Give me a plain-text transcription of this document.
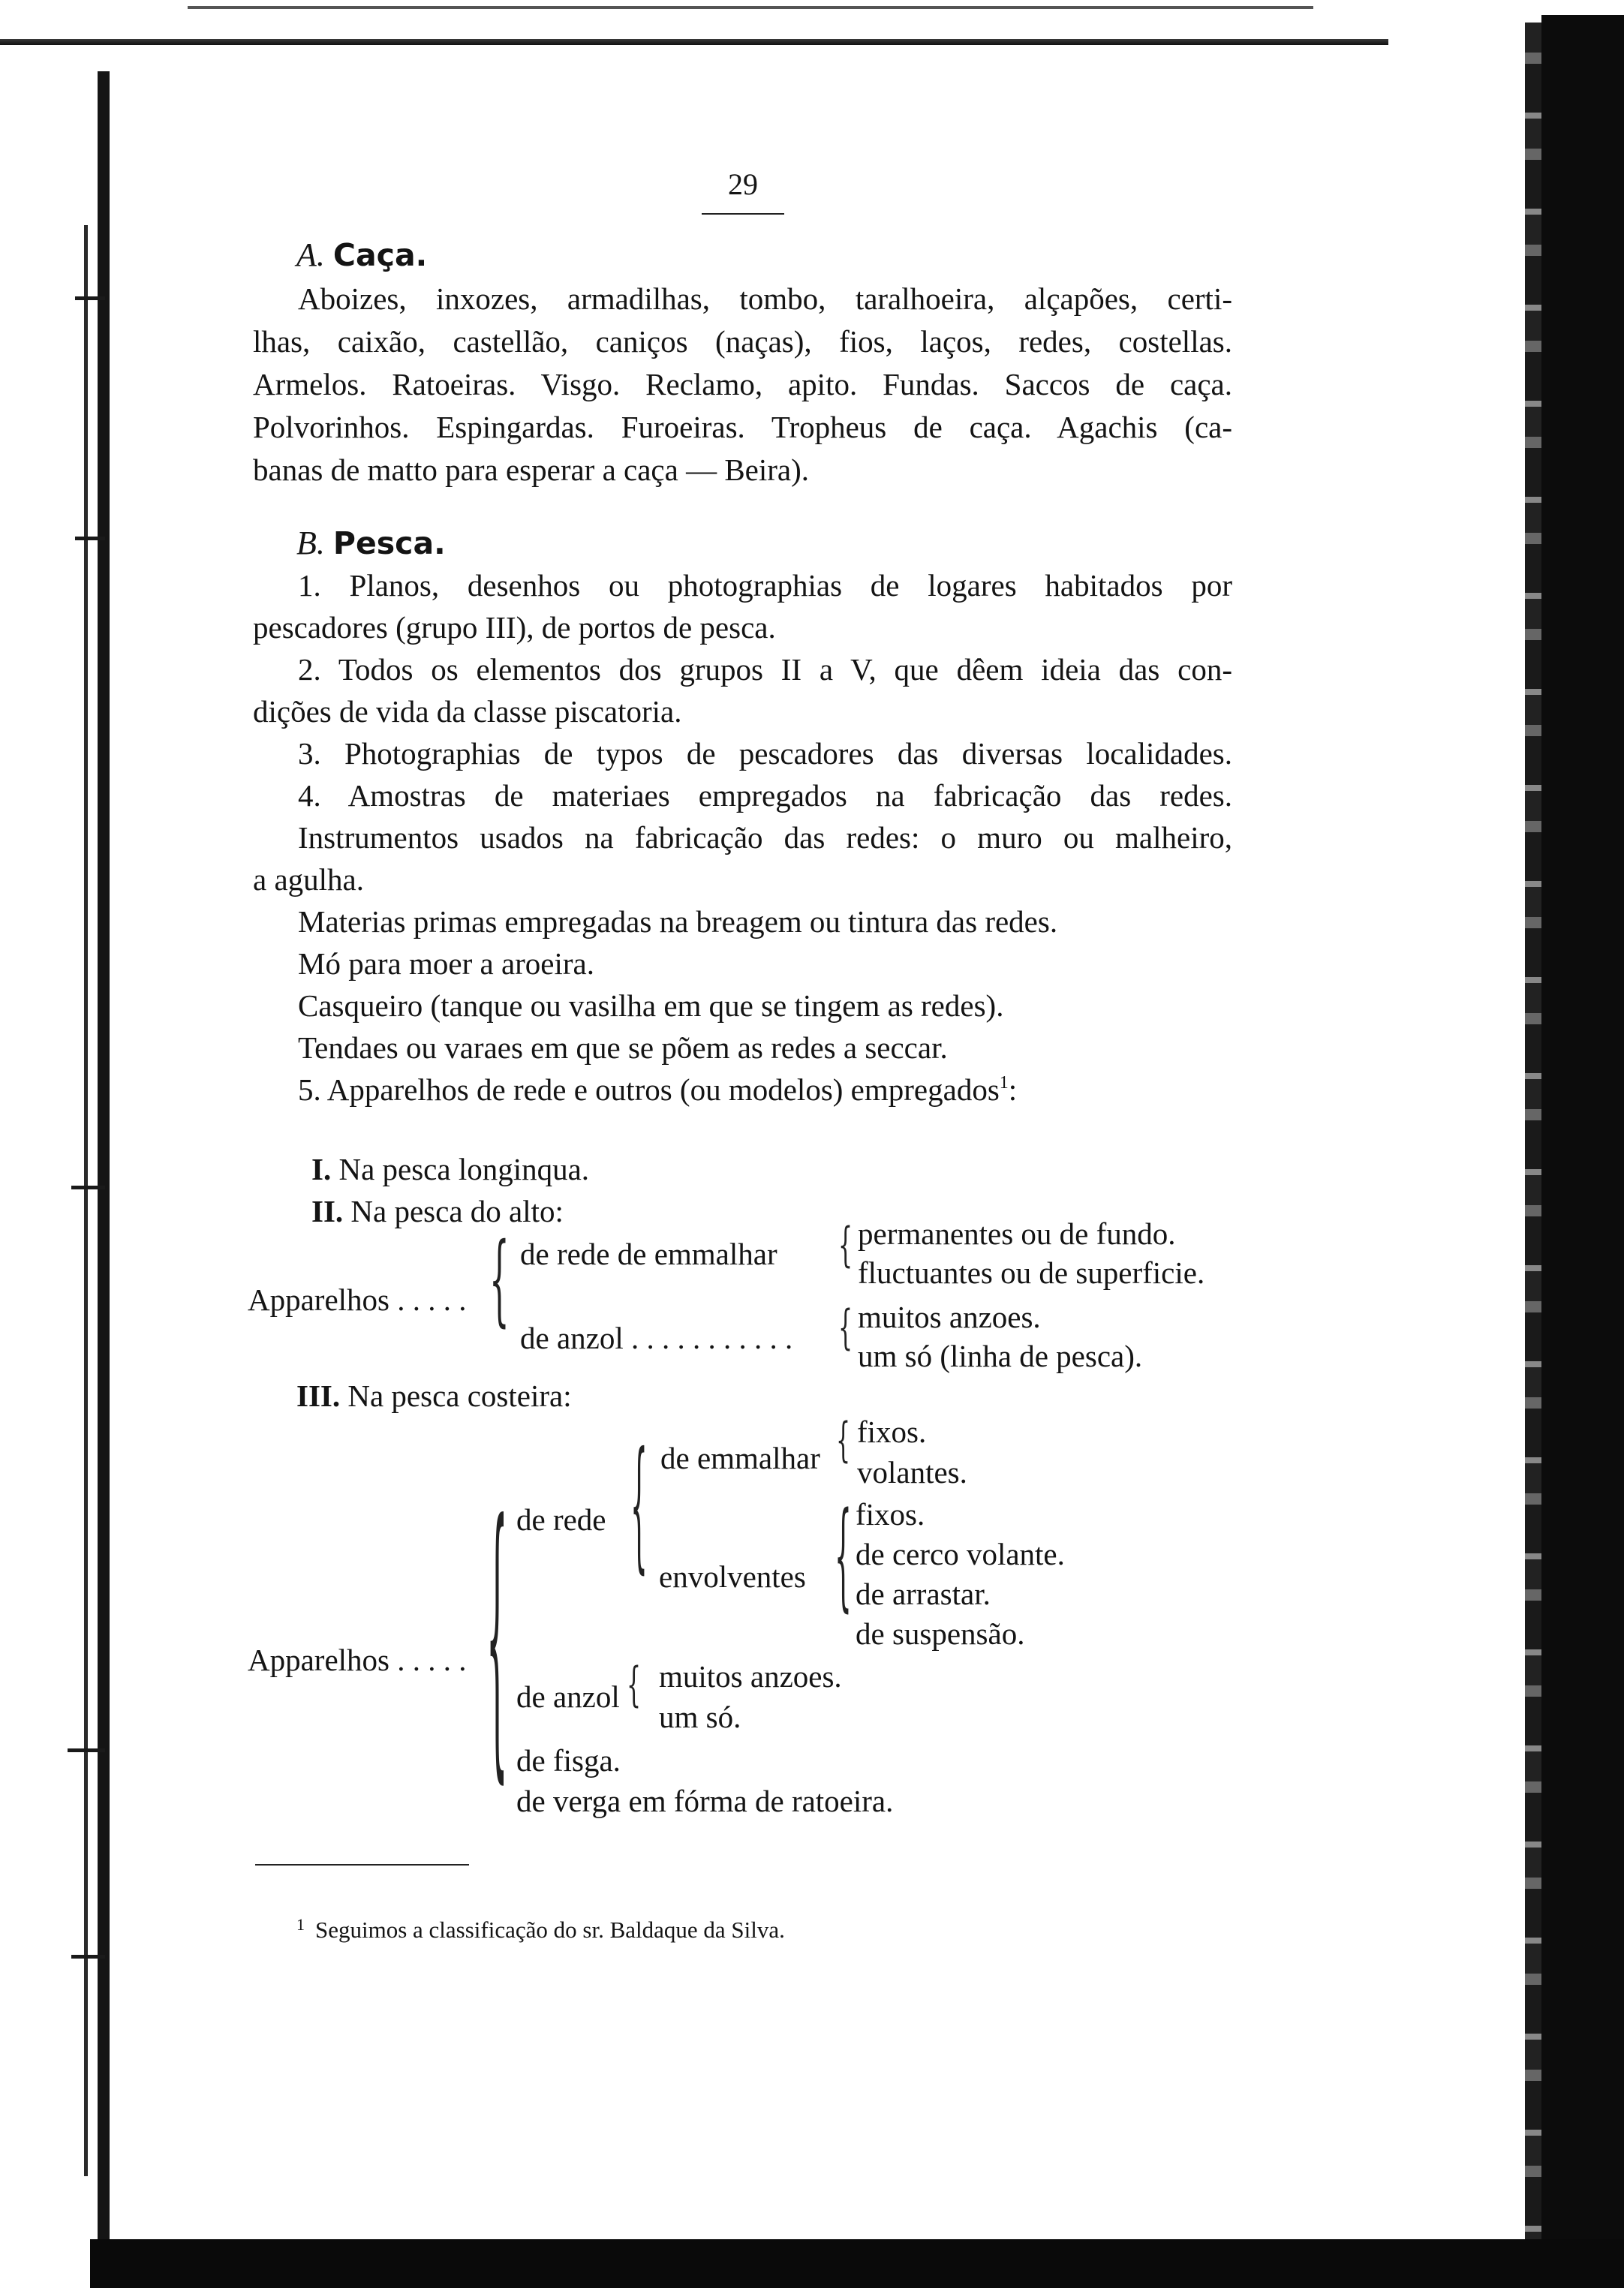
29
A. Caça.
Aboizes, inxozes, armadilhas, tombo, taralhoeira, alçapões, certi-
lhas, caixão, castellão, caniços (naças), fios, laços, redes, costellas.
Armelos. Ratoeiras. Visgo. Reclamo, apito. Fundas. Saccos de caça.
Polvorinhos. Espingardas. Furoeiras. Tropheus de caça. Agachis (ca-
banas de matto para esperar a caça — Beira).
B. Pesca.
1. Planos, desenhos ou photographias de logares habitados por
pescadores (grupo III), de portos de pesca.
2. Todos os elementos dos grupos II a V, que dêem ideia das con-
dições de vida da classe piscatoria.
3. Photographias de typos de pescadores das diversas localidades.
4. Amostras de materiaes empregados na fabricação das redes.
Instrumentos usados na fabricação das redes: o muro ou malheiro,
a agulha.
Materias primas empregadas na breagem ou tintura das redes.
Mó para moer a aroeira.
Casqueiro (tanque ou vasilha em que se tingem as redes).
Tendaes ou varaes em que se põem as redes a seccar.
5. Apparelhos de rede e outros (ou modelos) empregados$^1$:
I. Na pesca longinqua.
II. Na pesca do alto:
Apparelhos . . . . . { de rede de emmalhar
de anzol . . . . . . . . . . .
{ permanentes ou de fundo.
fluctuantes ou de superficie.
{ muitos anzoes.
um só (linha de pesca).
III. Na pesca costeira:
Apparelhos . . . . . { de rede { de emmalhar { fixos.
volantes.
envolventes { fixos.
de cerco volante.
de arrastar.
de suspensão.
de anzol { muitos anzoes.
um só.
de fisga.
de verga em fórma de ratoeira.
$^1$ Seguimos a classificação do sr. Baldaque da Silva.
